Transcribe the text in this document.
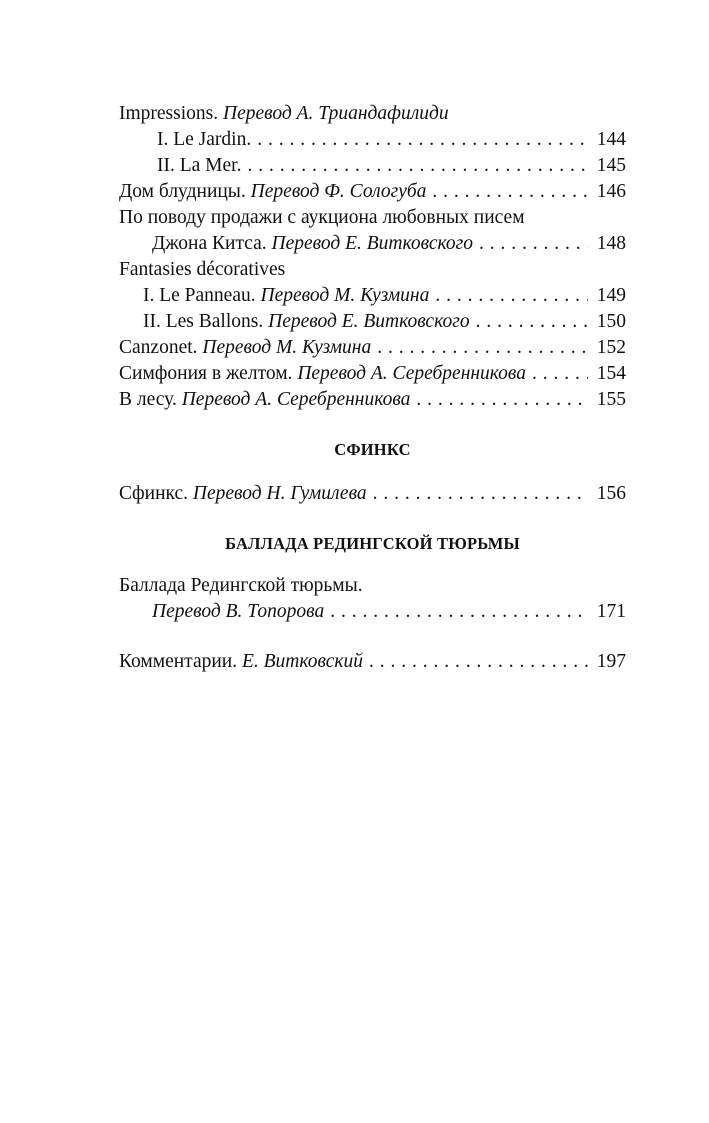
Impressions. Перевод А. Триандафилиди
I. Le Jardin. . . .	144
II. La Mer. . . .	145
Дом блудницы. Перевод Ф. Сологуба . . .	146
По поводу продажи с аукциона любовных писем
Джона Китса. Перевод Е. Витковского . . .	148
Fantasies décoratives
I. Le Panneau. Перевод М. Кузмина . . .	149
II. Les Ballons. Перевод Е. Витковского . . .	150
Canzonet. Перевод М. Кузмина . . .	152
Симфония в желтом. Перевод А. Серебренникова . . .	154
В лесу. Перевод А. Серебренникова . . .	155
СФИНКС
Сфинкс. Перевод Н. Гумилева . . .	156
БАЛЛАДА РЕДИНГСКОЙ ТЮРЬМЫ
Баллада Редингской тюрьмы.
Перевод В. Топорова . . .	171
Комментарии. Е. Витковский . . .	197
